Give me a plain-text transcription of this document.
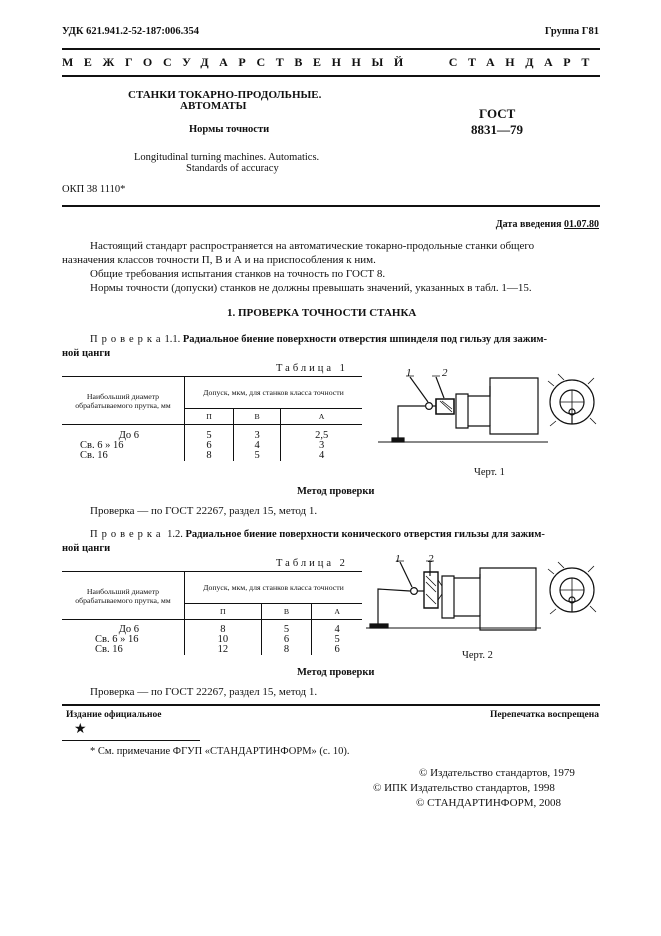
УДК 621.941.2-52-187:006.354	Группа Г81
МЕЖГОСУДАРСТВЕННЫЙ СТАНДАРТ
СТАНКИ ТОКАРНО-ПРОДОЛЬНЫЕ.
АВТОМАТЫ
Нормы точности
Longitudinal turning machines. Automatics.
Standards of accuracy
ГОСТ
8831—79
ОКП 38 1110*
Дата введения 01.07.80
Настоящий стандарт распространяется на автоматические токарно-продольные станки общего
назначения классов точности П, В и А и на приспособления к ним.
Общие требования испытания станков на точность по ГОСТ 8.
Нормы точности (допуски) станков не должны превышать значений, указанных в табл. 1—15.
1. ПРОВЕРКА ТОЧНОСТИ СТАНКА
Проверка1.1. Радиальное биение поверхности отверстия шпинделя под гильзу для зажим-
ной цанги
Таблица 1
Наибольший диаметр обрабатываемого прутка, мм	Допуск, мкм, для станков класса точности		
	П	В	А

До 6	5	3	2,5
Св. 6 » 16	6	4	3
Св. 16	8	5	4
1	2
Черт. 1
Метод проверки
Проверка — по ГОСТ 22267, раздел 15, метод 1.
Проверка 1.2. Радиальное биение поверхности конического отверстия гильзы для зажим-
ной цанги
Таблица 2
Наибольший диаметр обрабатываемого прутка, мм	Допуск, мкм, для станков класса точности		
	П	В	А

До 6	8	5	4
Св. 6 » 16	10	6	5
Св. 16	12	8	6
1	2
Черт. 2
Метод проверки
Проверка — по ГОСТ 22267, раздел 15, метод 1.
Издание официальное	Перепечатка воспрещена
★
* См. примечание ФГУП «СТАНДАРТИНФОРМ» (с. 10).
© Издательство стандартов, 1979
© ИПК Издательство стандартов, 1998
© СТАНДАРТИНФОРМ, 2008
